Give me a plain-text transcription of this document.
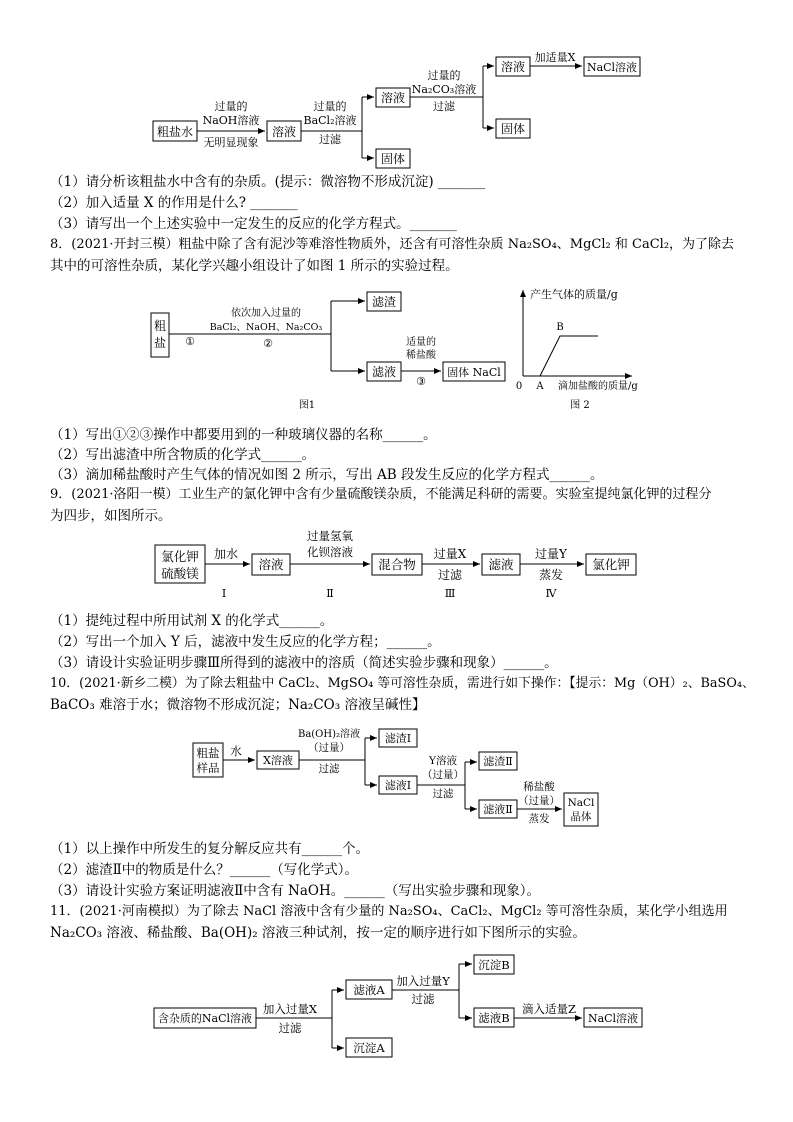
粗盐水
过量的
NaOH溶液
无明显现象
溶液
过量的
BaCl₂溶液
过滤
溶液
固体
过量的
Na₂CO₃溶液
过滤
溶液
固体
加适量X
NaCl溶液
粗
盐 ①
依次加入过量的
BaCl₂、NaOH、Na₂CO₃
②
滤渣
滤液
适量的
稀盐酸
③
固体 NaCl
图1
产生气体的质量/g
滴加盐酸的质量/g
0 A
B
图 2
氯化钾
硫酸镁
加水
Ⅰ
溶液
过量氢氧
化钡溶液
Ⅱ
混合物
过量X
过滤
Ⅲ
滤液
过量Y
蒸发
Ⅳ
氯化钾
粗盐
样品
水
X溶液
Ba(OH)₂溶液
（过量）
过滤
滤渣Ⅰ
滤液Ⅰ
Y溶液
（过量）
过滤
滤渣Ⅱ
滤液Ⅱ
稀盐酸
（过量）
蒸发
NaCl
晶体
含杂质的NaCl溶液
加入过量X
过滤
滤液A
沉淀A
加入过量Y
过滤
沉淀B
滤液B
滴入适量Z
NaCl溶液
（1）请分析该粗盐水中含有的杂质。(提示：微溶物不形成沉淀) _______
（2）加入适量 X 的作用是什么? _______
（3）请写出一个上述实验中一定发生的反应的化学方程式。_______
8．(2021·开封三模）粗盐中除了含有泥沙等难溶性物质外，还含有可溶性杂质 Na₂SO₄、MgCl₂ 和 CaCl₂，为了除去
其中的可溶性杂质，某化学兴趣小组设计了如图 1 所示的实验过程。
（1）写出①②③操作中都要用到的一种玻璃仪器的名称______。
（2）写出滤渣中所含物质的化学式______。
（3）滴加稀盐酸时产生气体的情况如图 2 所示，写出 AB 段发生反应的化学方程式______。
9．(2021·洛阳一模）工业生产的氯化钾中含有少量硫酸镁杂质，不能满足科研的需要。实验室提纯氯化钾的过程分
为四步，如图所示。
（1）提纯过程中所用试剂 X 的化学式______。
（2）写出一个加入 Y 后，滤液中发生反应的化学方程；______。
（3）请设计实验证明步骤Ⅲ所得到的滤液中的溶质（简述实验步骤和现象）______。
10．(2021·新乡二模）为了除去粗盐中 CaCl₂、MgSO₄ 等可溶性杂质，需进行如下操作：【提示：Mg（OH）₂、BaSO₄、
BaCO₃ 难溶于水；微溶物不形成沉淀；Na₂CO₃ 溶液呈碱性】
（1）以上操作中所发生的复分解反应共有______个。
（2）滤渣Ⅱ中的物质是什么？______（写化学式）。
（3）请设计实验方案证明滤液Ⅱ中含有 NaOH。______（写出实验步骤和现象）。
11．(2021·河南模拟）为了除去 NaCl 溶液中含有少量的 Na₂SO₄、CaCl₂、MgCl₂ 等可溶性杂质，某化学小组选用
Na₂CO₃ 溶液、稀盐酸、Ba(OH)₂ 溶液三种试剂，按一定的顺序进行如下图所示的实验。
